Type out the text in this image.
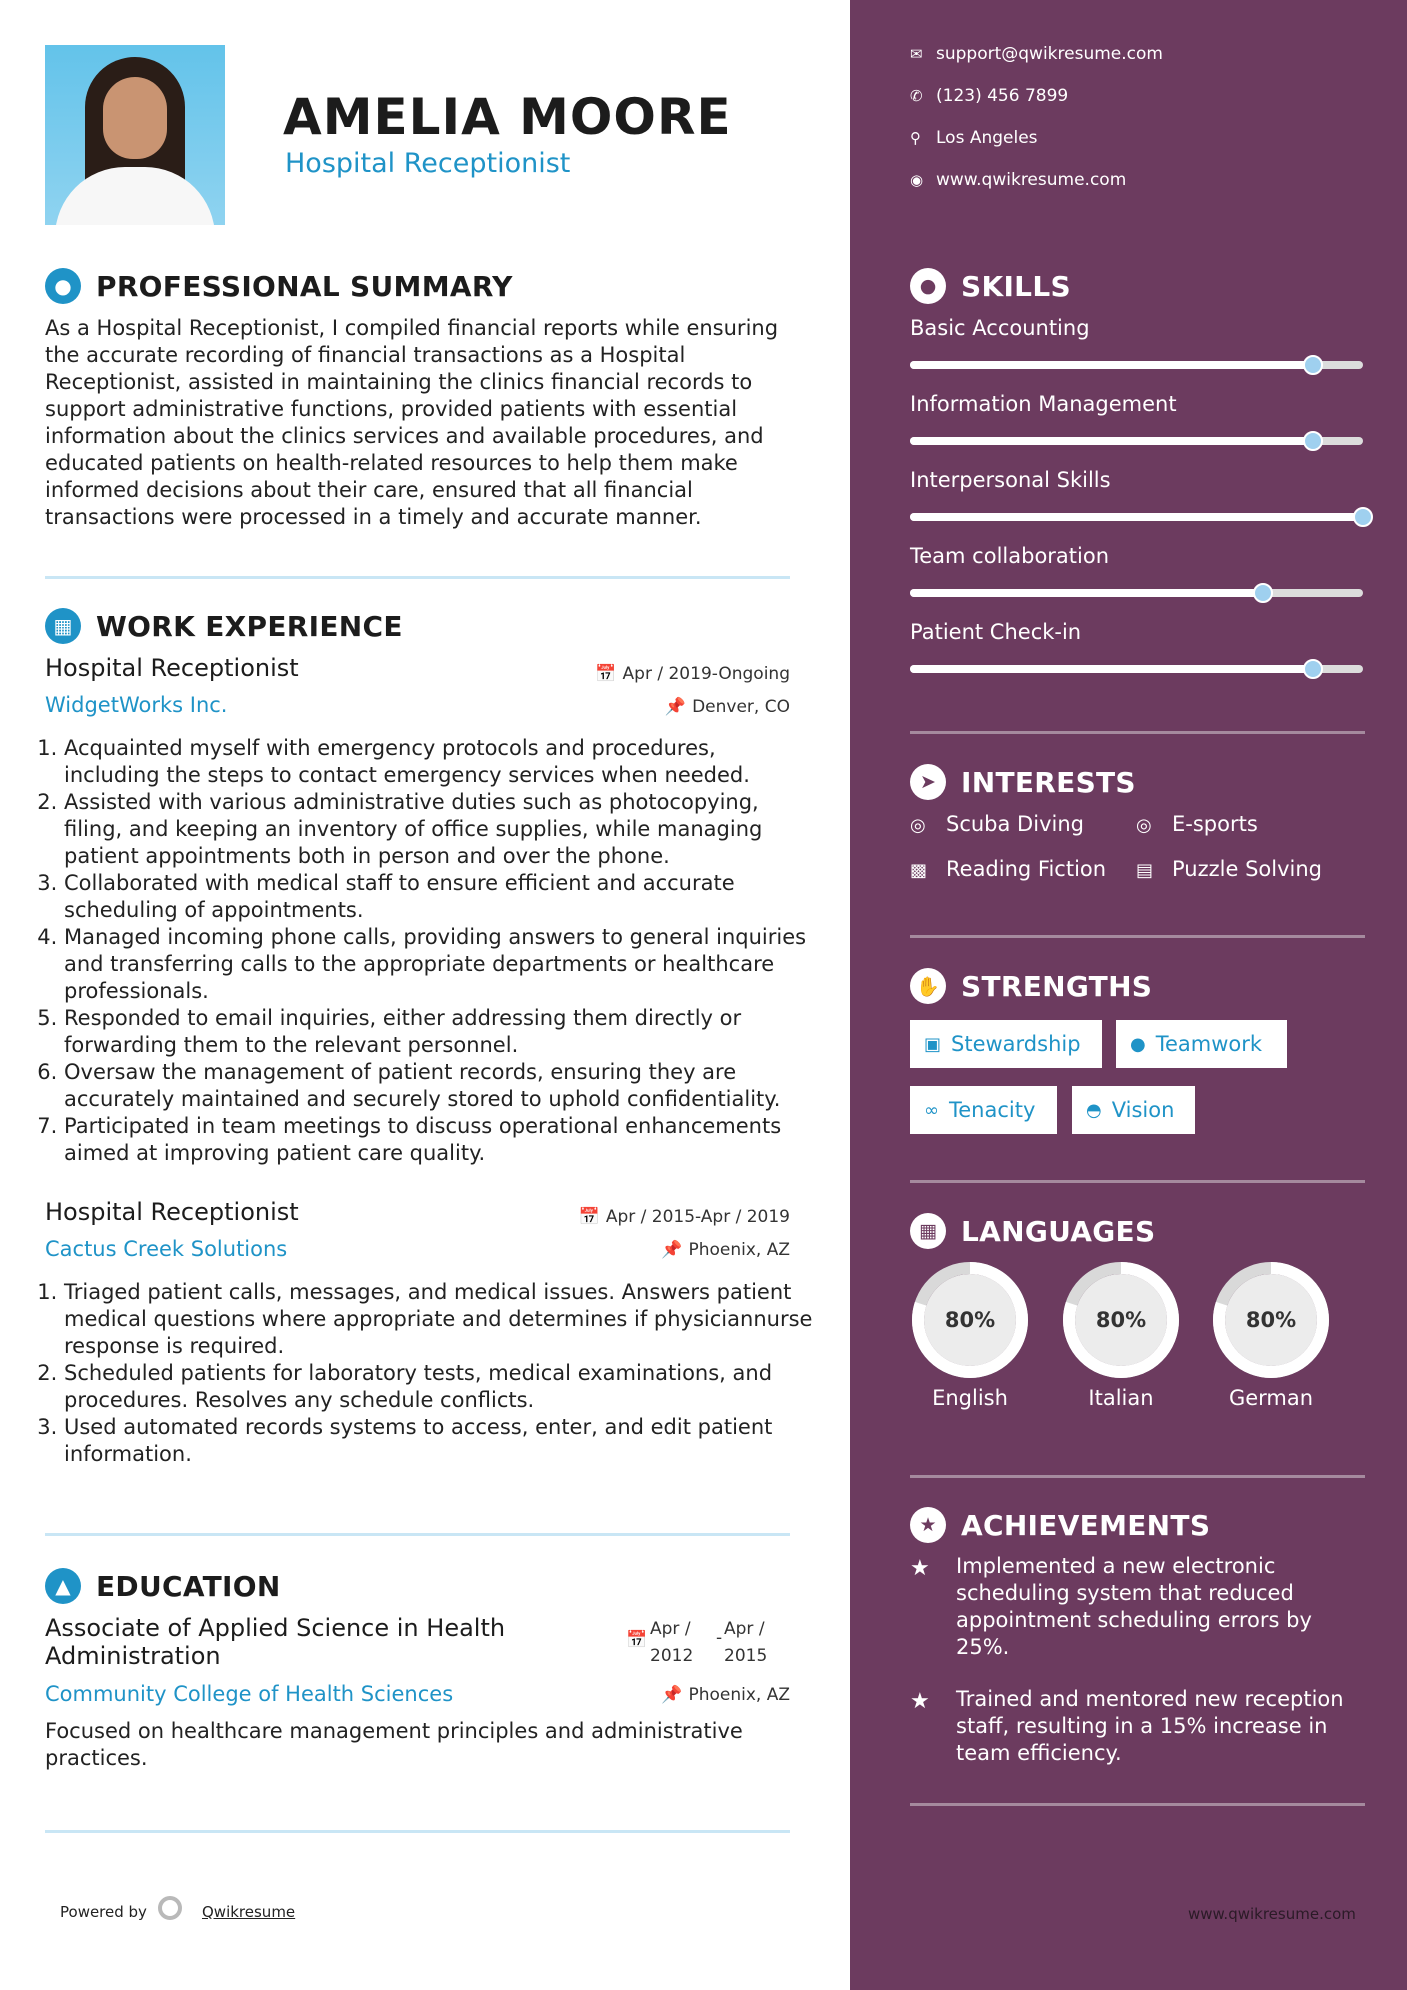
AMELIA MOORE
Hospital Receptionist
● PROFESSIONAL SUMMARY
As a Hospital Receptionist, I compiled financial reports while ensuring the accurate recording of financial transactions as a Hospital Receptionist, assisted in maintaining the clinics financial records to support administrative functions, provided patients with essential information about the clinics services and available procedures, and educated patients on health-related resources to help them make informed decisions about their care, ensured that all financial transactions were processed in a timely and accurate manner.
▦ WORK EXPERIENCE
Hospital Receptionist	📅 Apr / 2019-Ongoing
WidgetWorks Inc.	📌 Denver, CO
1. Acquainted myself with emergency protocols and procedures, including the steps to contact emergency services when needed.
2. Assisted with various administrative duties such as photocopying, filing, and keeping an inventory of office supplies, while managing patient appointments both in person and over the phone.
3. Collaborated with medical staff to ensure efficient and accurate scheduling of appointments.
4. Managed incoming phone calls, providing answers to general inquiries and transferring calls to the appropriate departments or healthcare professionals.
5. Responded to email inquiries, either addressing them directly or forwarding them to the relevant personnel.
6. Oversaw the management of patient records, ensuring they are accurately maintained and securely stored to uphold confidentiality.
7. Participated in team meetings to discuss operational enhancements aimed at improving patient care quality.
Hospital Receptionist	📅 Apr / 2015-Apr / 2019
Cactus Creek Solutions	📌 Phoenix, AZ
1. Triaged patient calls, messages, and medical issues. Answers patient medical questions where appropriate and determines if physiciannurse response is required.
2. Scheduled patients for laboratory tests, medical examinations, and procedures. Resolves any schedule conflicts.
3. Used automated records systems to access, enter, and edit patient information.
▲ EDUCATION
Associate of Applied Science in Health
Administration
📅
Apr /
2012
- Apr /
2015
Community College of Health Sciences	📌 Phoenix, AZ
Focused on healthcare management principles and administrative practices.
Powered by	Qwikresume
✉ support@qwikresume.com
✆ (123) 456 7899
⚲ Los Angeles
◉ www.qwikresume.com
● SKILLS
Basic Accounting
Information Management
Interpersonal Skills
Team collaboration
Patient Check-in
➤ INTERESTS
◎ Scuba Diving	◎ E-sports
▩ Reading Fiction ▤ Puzzle Solving
✋ STRENGTHS
▣ Stewardship	● Teamwork
∞ Tenacity	◓ Vision
▦ LANGUAGES
80%
English
80%
Italian
80%
German
★ ACHIEVEMENTS
★ Implemented a new electronic scheduling system that reduced appointment scheduling errors by 25%.
★ Trained and mentored new reception staff, resulting in a 15% increase in team efficiency.
www.qwikresume.com
